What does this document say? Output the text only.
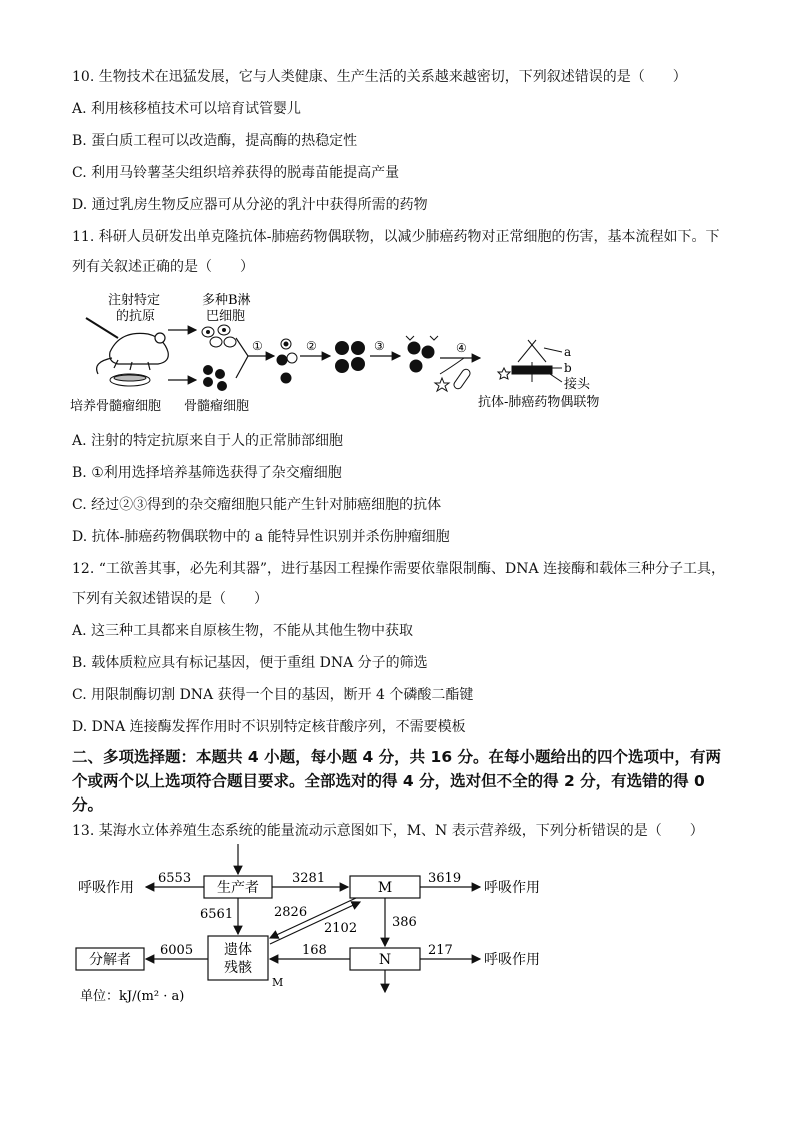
10. 生物技术在迅猛发展，它与人类健康、生产生活的关系越来越密切，下列叙述错误的是（　　）
A. 利用核移植技术可以培育试管婴儿
B. 蛋白质工程可以改造酶，提高酶的热稳定性
C. 利用马铃薯茎尖组织培养获得的脱毒苗能提高产量
D. 通过乳房生物反应器可从分泌的乳汁中获得所需的药物
11. 科研人员研发出单克隆抗体-肺癌药物偶联物，以减少肺癌药物对正常细胞的伤害，基本流程如下。下
列有关叙述正确的是（　　）
注射特定
的抗原
多种B淋
巴细胞
培养骨髓瘤细胞 骨髓瘤细胞
①	②	③	④	a
b
接头
抗体-肺癌药物偶联物
A. 注射的特定抗原来自于人的正常肺部细胞
B. ①利用选择培养基筛选获得了杂交瘤细胞
C. 经过②③得到的杂交瘤细胞只能产生针对肺癌细胞的抗体
D. 抗体-肺癌药物偶联物中的 a 能特异性识别并杀伤肿瘤细胞
12. “工欲善其事，必先利其器”，进行基因工程操作需要依靠限制酶、DNA 连接酶和载体三种分子工具，
下列有关叙述错误的是（　　）
A. 这三种工具都来自原核生物，不能从其他生物中获取
B. 载体质粒应具有标记基因，便于重组 DNA 分子的筛选
C. 用限制酶切割 DNA 获得一个目的基因，断开 4 个磷酸二酯键
D. DNA 连接酶发挥作用时不识别特定核苷酸序列，不需要模板
二、多项选择题：本题共 4 小题，每小题 4 分，共 16 分。在每小题给出的四个选项中，有两
个或两个以上选项符合题目要求。全部选对的得 4 分，选对但不全的得 2 分，有选错的得 0
分。
13. 某海水立体养殖生态系统的能量流动示意图如下，M、N 表示营养级，下列分析错误的是（　　）
生产者
呼吸作用
6553	3281
M
3619
呼吸作用
6561
遗体
残骸
M
2826
2102	386
N
168	217
呼吸作用
6005
分解者
单位：kJ/(m² · a)
